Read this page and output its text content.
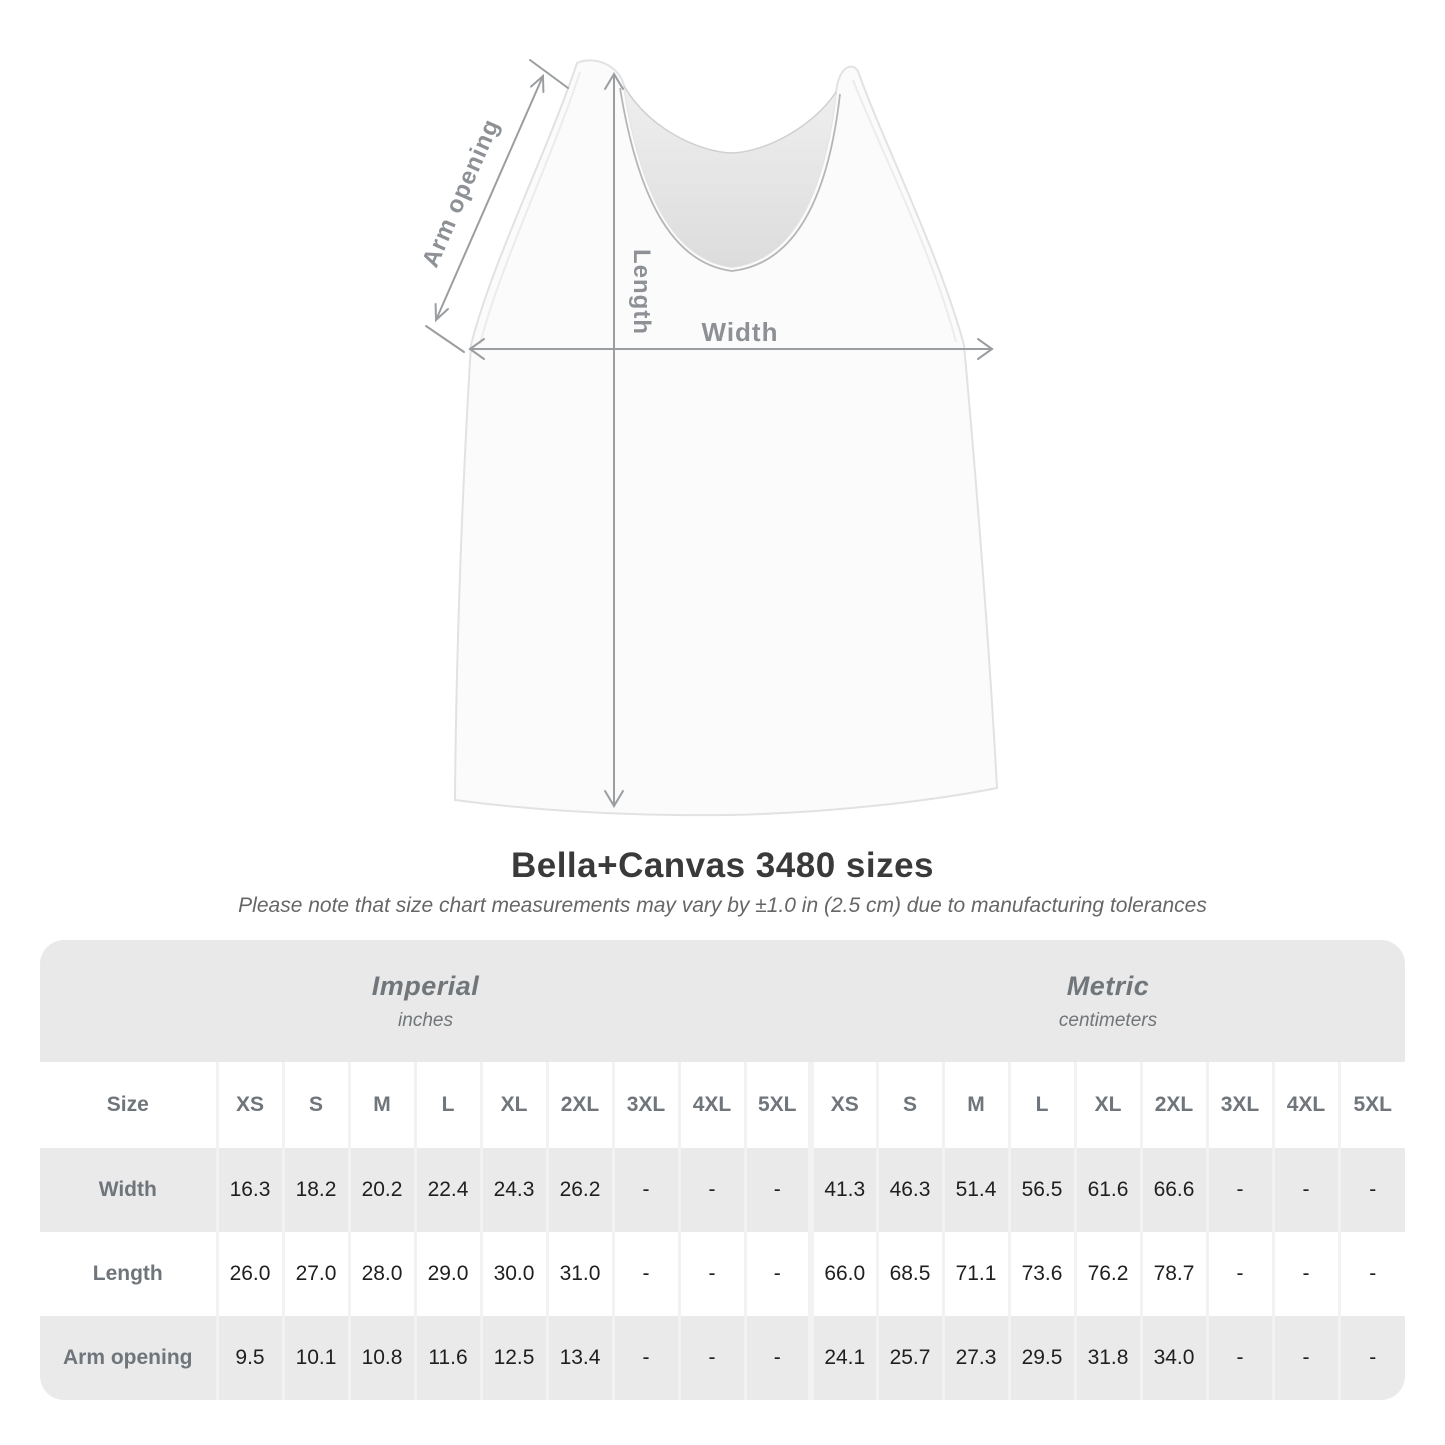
Length Width
Arm opening
Bella+Canvas 3480 sizes
Please note that size chart measurements may vary by ±1.0 in (2.5 cm) due to manufacturing tolerances
Imperial
inches

Metric
centimeters

Size	XS	S	M	L	XL	2XL	3XL	4XL	5XL	XS	S	M	L	XL	2XL	3XL	4XL	5XL
Width	16.3	18.2	20.2	22.4	24.3	26.2	-	-	-	41.3	46.3	51.4	56.5	61.6	66.6	-	-	-
Length	26.0	27.0	28.0	29.0	30.0	31.0	-	-	-	66.0	68.5	71.1	73.6	76.2	78.7	-	-	-
Arm opening	9.5	10.1	10.8	11.6	12.5	13.4	-	-	-	24.1	25.7	27.3	29.5	31.8	34.0	-	-	-
